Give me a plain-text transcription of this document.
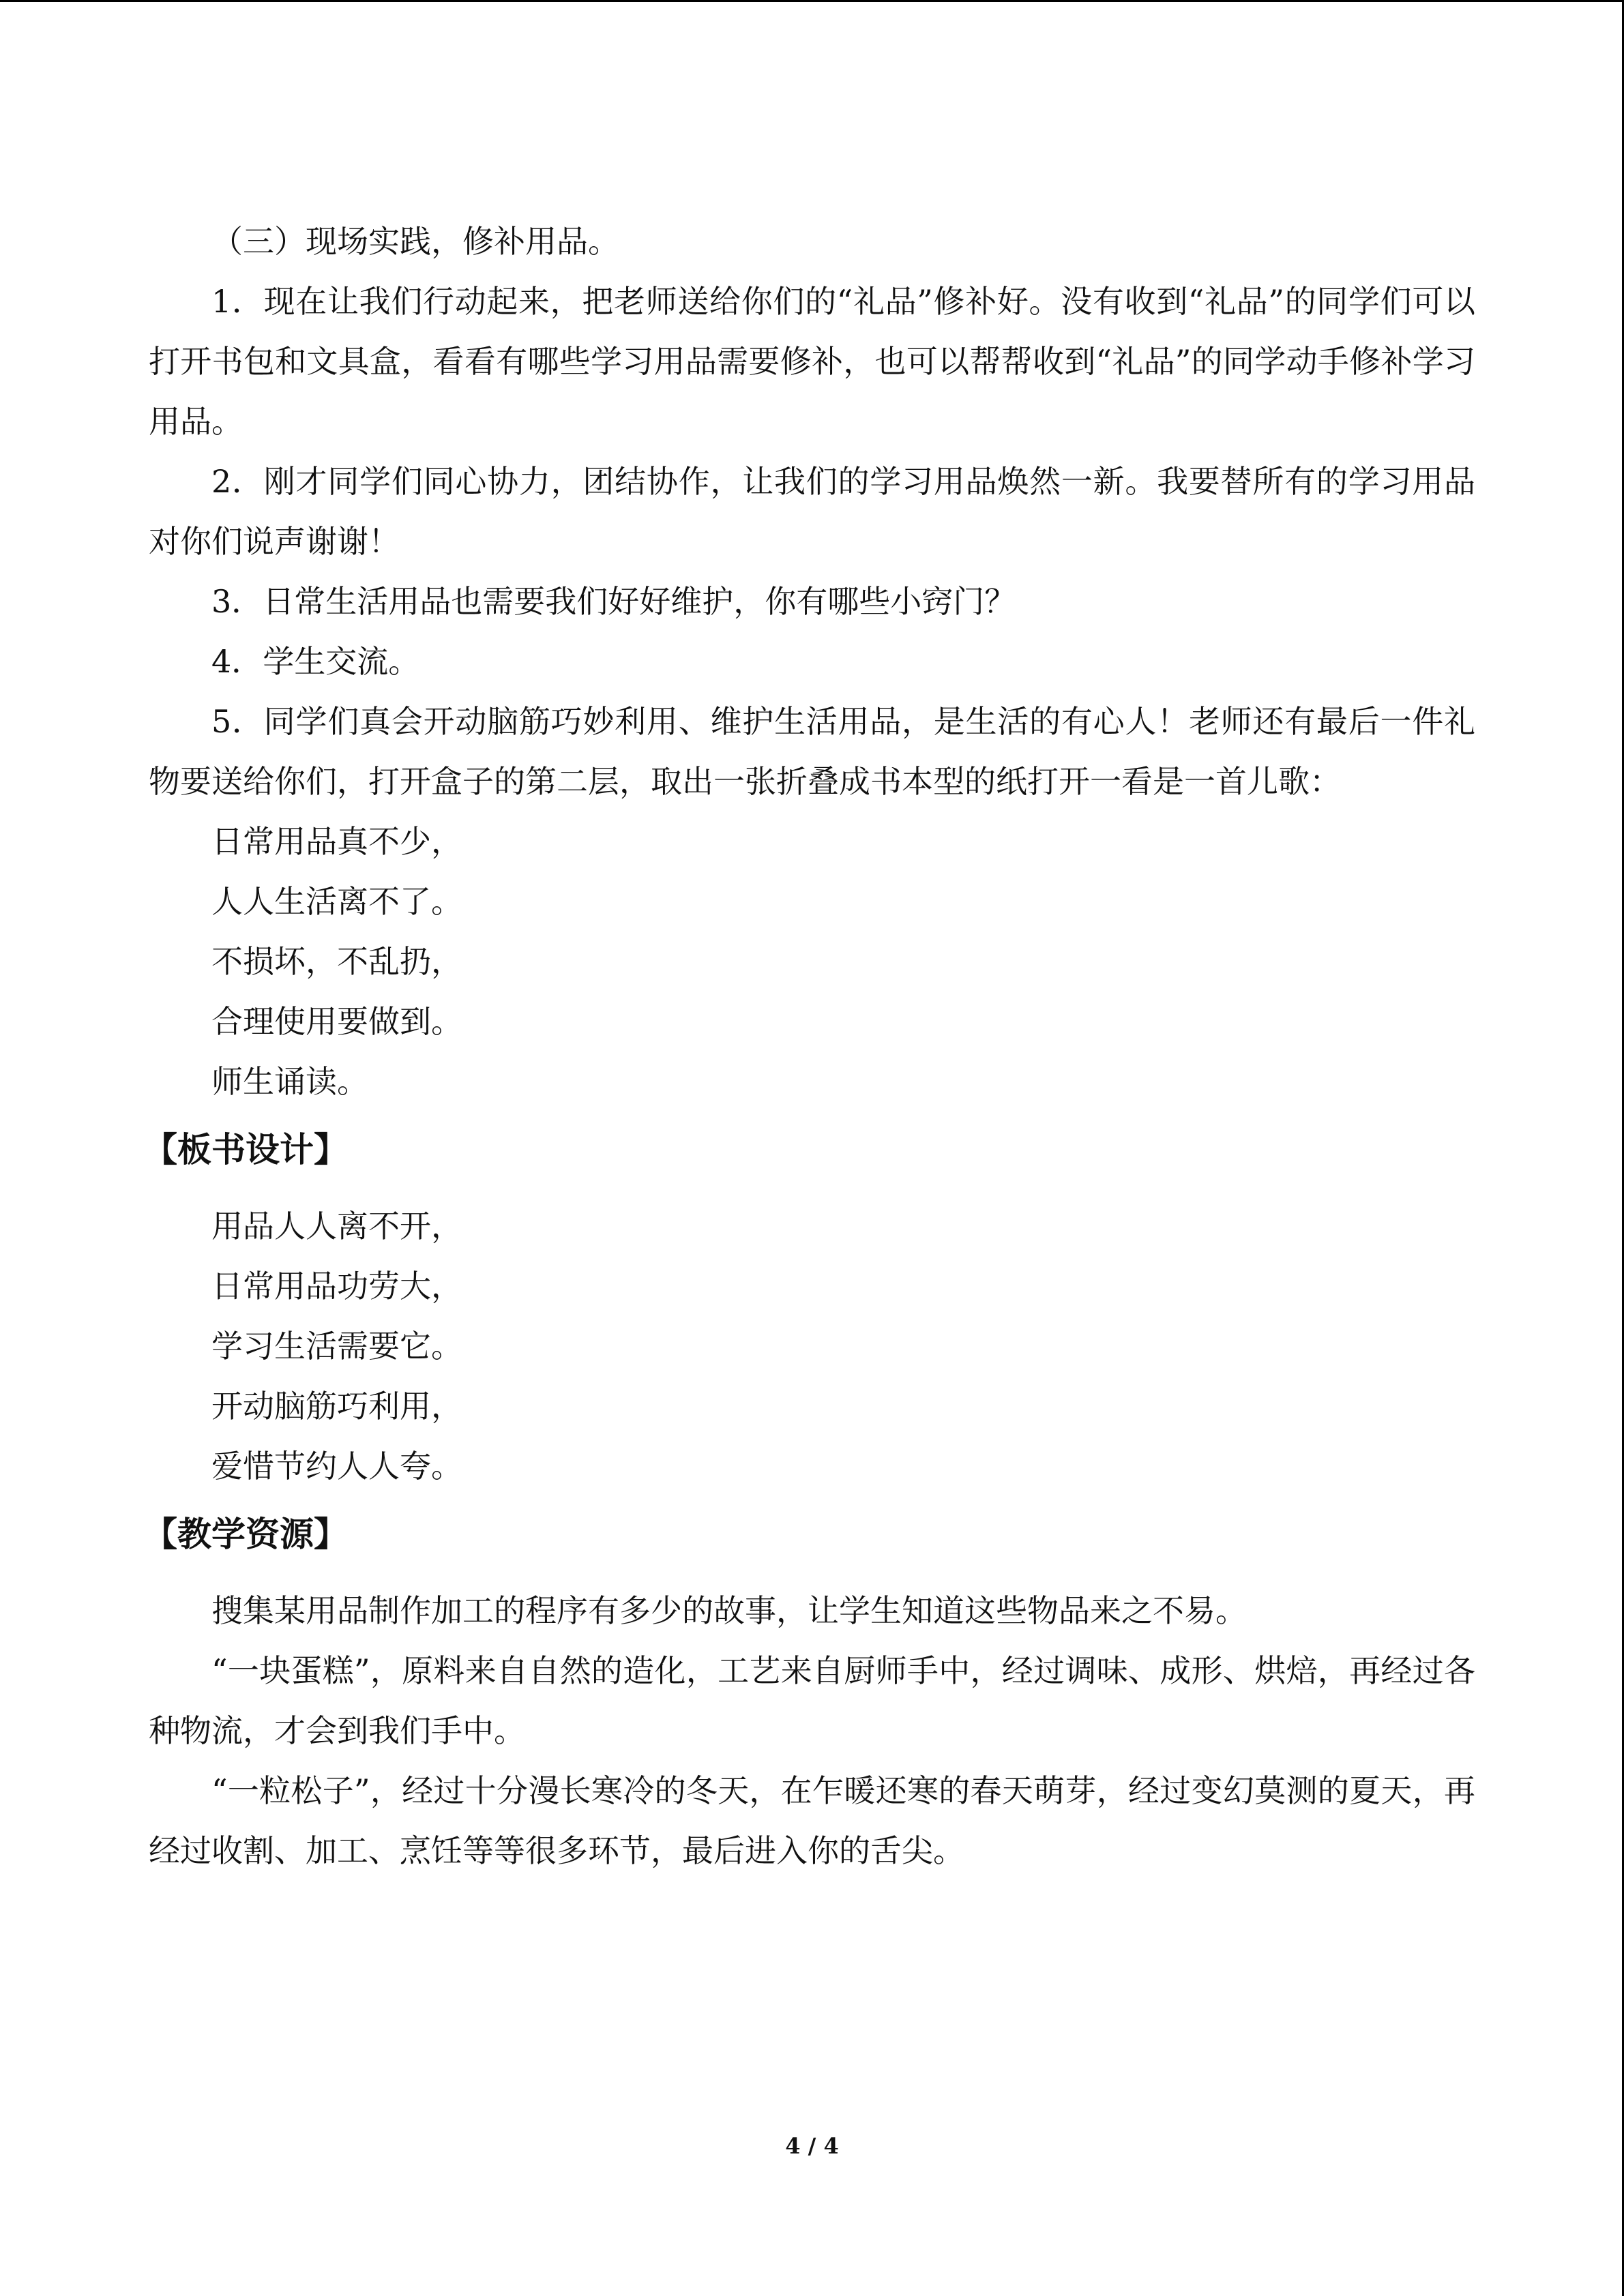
（三）现场实践，修补用品。

1．现在让我们行动起来，把老师送给你们的“礼品”修补好。没有收到“礼品”的同学们可以打开书包和文具盒，看看有哪些学习用品需要修补，也可以帮帮收到“礼品”的同学动手修补学习用品。

2．刚才同学们同心协力，团结协作，让我们的学习用品焕然一新。我要替所有的学习用品对你们说声谢谢！

3．日常生活用品也需要我们好好维护，你有哪些小窍门？

4．学生交流。

5．同学们真会开动脑筋巧妙利用、维护生活用品，是生活的有心人！老师还有最后一件礼物要送给你们，打开盒子的第二层，取出一张折叠成书本型的纸打开一看是一首儿歌：

日常用品真不少，

人人生活离不了。

不损坏，不乱扔，

合理使用要做到。

师生诵读。

【板书设计】

用品人人离不开，

日常用品功劳大，

学习生活需要它。

开动脑筋巧利用，

爱惜节约人人夸。

【教学资源】

搜集某用品制作加工的程序有多少的故事，让学生知道这些物品来之不易。

“一块蛋糕”，原料来自自然的造化，工艺来自厨师手中，经过调味、成形、烘焙，再经过各种物流，才会到我们手中。

“一粒松子”，经过十分漫长寒冷的冬天，在乍暖还寒的春天萌芽，经过变幻莫测的夏天，再经过收割、加工、烹饪等等很多环节，最后进入你的舌尖。

4 / 4
